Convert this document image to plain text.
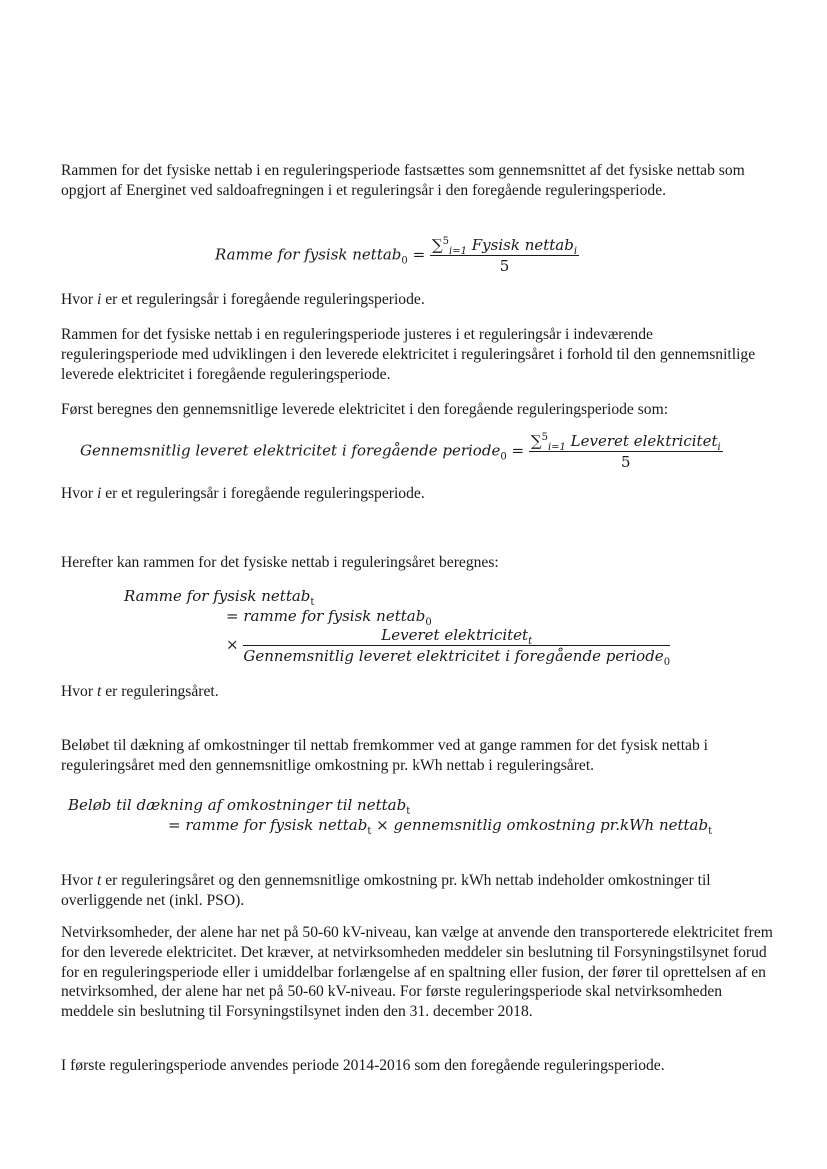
Rammen for det fysiske nettab i en reguleringsperiode fastsættes som gennemsnittet af det fysiske nettab som opgjort af Energinet ved saldoafregningen i et reguleringsår i den foregående reguleringsperiode.
Ramme for fysisk nettab$_0$ = $\frac{\sum^5_{i=1} Fysisk nettab_i}{5}$
Hvor i er et reguleringsår i foregående reguleringsperiode.
Rammen for det fysiske nettab i en reguleringsperiode justeres i et reguleringsår i indeværende reguleringsperiode med udviklingen i den leverede elektricitet i reguleringsåret i forhold til den gennemsnitlige leverede elektricitet i foregående reguleringsperiode.
Først beregnes den gennemsnitlige leverede elektricitet i den foregående reguleringsperiode som:
Gennemsnitlig leveret elektricitet i foregående periode$_0$ = $\frac{\sum^5_{i=1} Leveret elektricitet_i}{5}$
Hvor i er et reguleringsår i foregående reguleringsperiode.
Herefter kan rammen for det fysiske nettab i reguleringsåret beregnes:
Ramme for fysisk nettab$_t$
= ramme for fysisk nettab$_0$
× $\frac{Leveret elektricitet_t}{Gennemsnitlig leveret elektricitet i foregående periode_0}$
Hvor t er reguleringsåret.
Beløbet til dækning af omkostninger til nettab fremkommer ved at gange rammen for det fysisk nettab i reguleringsåret med den gennemsnitlige omkostning pr. kWh nettab i reguleringsåret.
Beløb til dækning af omkostninger til nettab$_t$
= ramme for fysisk nettab$_t$ × gennemsnitlig omkostning pr.kWh nettab$_t$
Hvor t er reguleringsåret og den gennemsnitlige omkostning pr. kWh nettab indeholder omkostninger til overliggende net (inkl. PSO).
Netvirksomheder, der alene har net på 50-60 kV-niveau, kan vælge at anvende den transporterede elektricitet frem for den leverede elektricitet. Det kræver, at netvirksomheden meddeler sin beslutning til Forsyningstilsynet forud for en reguleringsperiode eller i umiddelbar forlængelse af en spaltning eller fusion, der fører til oprettelsen af en netvirksomhed, der alene har net på 50-60 kV-niveau. For første reguleringsperiode skal netvirksomheden meddele sin beslutning til Forsyningstilsynet inden den 31. december 2018.
I første reguleringsperiode anvendes periode 2014-2016 som den foregående reguleringsperiode.
